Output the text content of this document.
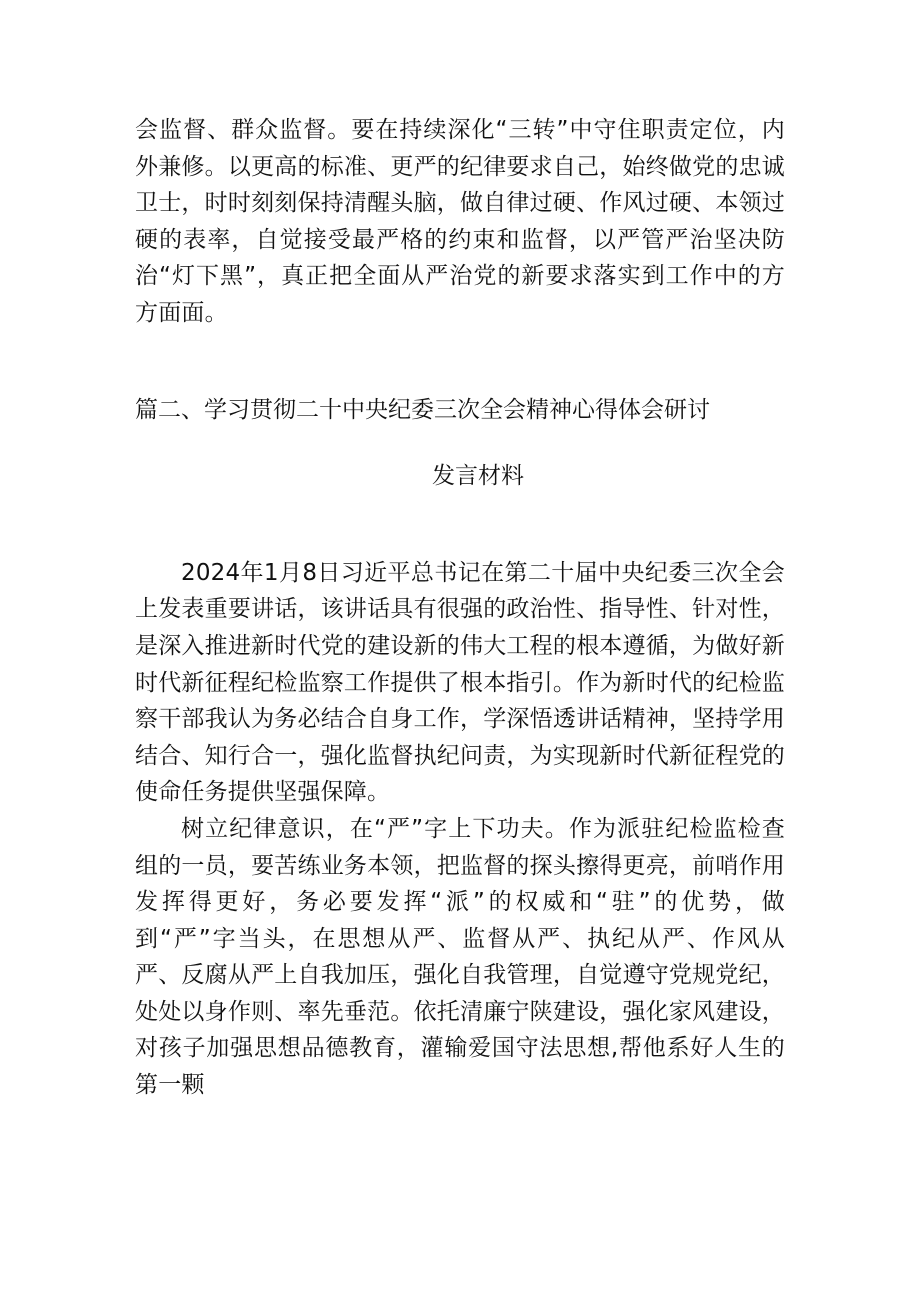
会监督、群众监督。要在持续深化“三转”中守住职责定位，内外兼修。以更高的标准、更严的纪律要求自己，始终做党的忠诚卫士，时时刻刻保持清醒头脑，做自律过硬、作风过硬、本领过硬的表率，自觉接受最严格的约束和监督，以严管严治坚决防治“灯下黑”，真正把全面从严治党的新要求落实到工作中的方方面面。

篇二、学习贯彻二十中央纪委三次全会精神心得体会研讨

发言材料

2024年1月8日习近平总书记在第二十届中央纪委三次全会上发表重要讲话，该讲话具有很强的政治性、指导性、针对性，是深入推进新时代党的建设新的伟大工程的根本遵循，为做好新时代新征程纪检监察工作提供了根本指引。作为新时代的纪检监察干部我认为务必结合自身工作，学深悟透讲话精神，坚持学用结合、知行合一，强化监督执纪问责，为实现新时代新征程党的使命任务提供坚强保障。

树立纪律意识，在“严”字上下功夫。作为派驻纪检监检查组的一员，要苦练业务本领，把监督的探头擦得更亮，前哨作用发挥得更好，务必要发挥“派”的权威和“驻”的优势，做到“严”字当头，在思想从严、监督从严、执纪从严、作风从严、反腐从严上自我加压，强化自我管理，自觉遵守党规党纪，处处以身作则、率先垂范。依托清廉宁陕建设，强化家风建设，对孩子加强思想品德教育，灌输爱国守法思想,帮他系好人生的第一颗
